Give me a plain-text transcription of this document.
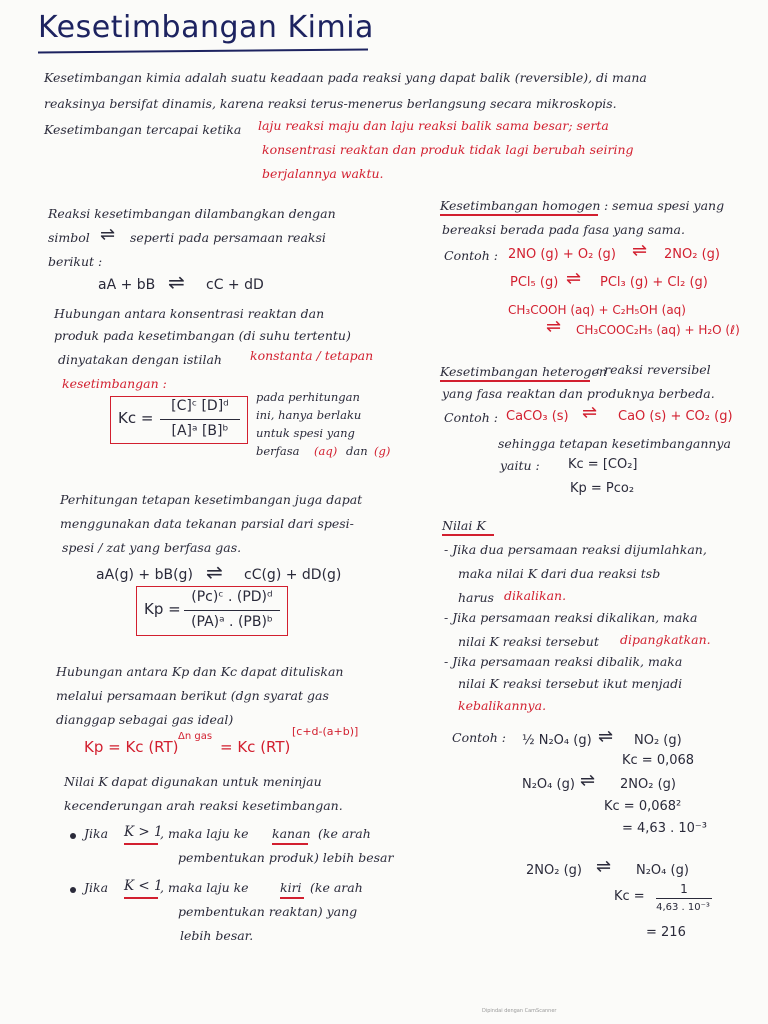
Kesetimbangan Kimia
Kesetimbangan kimia adalah suatu keadaan pada reaksi yang dapat balik (reversible), di mana
reaksinya bersifat dinamis, karena reaksi terus-menerus berlangsung secara mikroskopis.
Kesetimbangan tercapai ketika laju reaksi maju dan laju reaksi balik sama besar; serta
konsentrasi reaktan dan produk tidak lagi berubah seiring
berjalannya waktu.
Reaksi kesetimbangan dilambangkan dengan
simbol ⇌ seperti pada persamaan reaksi
berikut :
aA + bB ⇌ cC + dD
Hubungan antara konsentrasi reaktan dan
produk pada kesetimbangan (di suhu tertentu)
dinyatakan dengan istilah konstanta / tetapan
kesetimbangan :
Kc =
[C]ᶜ [D]ᵈ
[A]ᵃ [B]ᵇ
pada perhitungan
ini, hanya berlaku
untuk spesi yang
berfasa (aq) dan (g)
Perhitungan tetapan kesetimbangan juga dapat
menggunakan data tekanan parsial dari spesi-
spesi / zat yang berfasa gas.
aA(g) + bB(g) ⇌ cC(g) + dD(g)
Kp =
(Pc)ᶜ . (PD)ᵈ
(PA)ᵃ . (PB)ᵇ
Hubungan antara Kp dan Kc dapat dituliskan
melalui persamaan berikut (dgn syarat gas
dianggap sebagai gas ideal)
Kp = Kc (RT)
Δn gas
= Kc (RT)
[c+d-(a+b)]
Nilai K dapat digunakan untuk meninjau
kecenderungan arah reaksi kesetimbangan.
Jika K > 1
, maka laju ke kanan (ke arah
pembentukan produk) lebih besar
Jika K < 1
, maka laju ke	kiri (ke arah
pembentukan reaktan) yang
lebih besar.
Kesetimbangan homogen : semua spesi yang
bereaksi berada pada fasa yang sama.
Contoh : 2NO (g) + O₂ (g) ⇌ 2NO₂ (g)
PCl₅ (g) ⇌ PCl₃ (g) + Cl₂ (g)
CH₃COOH (aq) + C₂H₅OH (aq)
⇌ CH₃COOC₂H₅ (aq) + H₂O (ℓ)
Kesetimbangan heterogen
: reaksi reversibel
yang fasa reaktan dan produknya berbeda.
Contoh : CaCO₃ (s) ⇌ CaO (s) + CO₂ (g)
sehingga tetapan kesetimbangannya
yaitu : Kc = [CO₂]
Kp = Pco₂
Nilai K
- Jika dua persamaan reaksi dijumlahkan,
maka nilai K dari dua reaksi tsb
harus dikalikan.
- Jika persamaan reaksi dikalikan, maka
nilai K reaksi tersebut dipangkatkan.
- Jika persamaan reaksi dibalik, maka
nilai K reaksi tersebut ikut menjadi
kebalikannya.
Contoh : ½ N₂O₄ (g) ⇌ NO₂ (g)
Kc = 0,068
N₂O₄ (g) ⇌ 2NO₂ (g)
Kc = 0,068²
= 4,63 . 10⁻³
2NO₂ (g) ⇌ N₂O₄ (g)
Kc =	1
4,63 . 10⁻³
= 216
Dipindai dengan CamScanner
